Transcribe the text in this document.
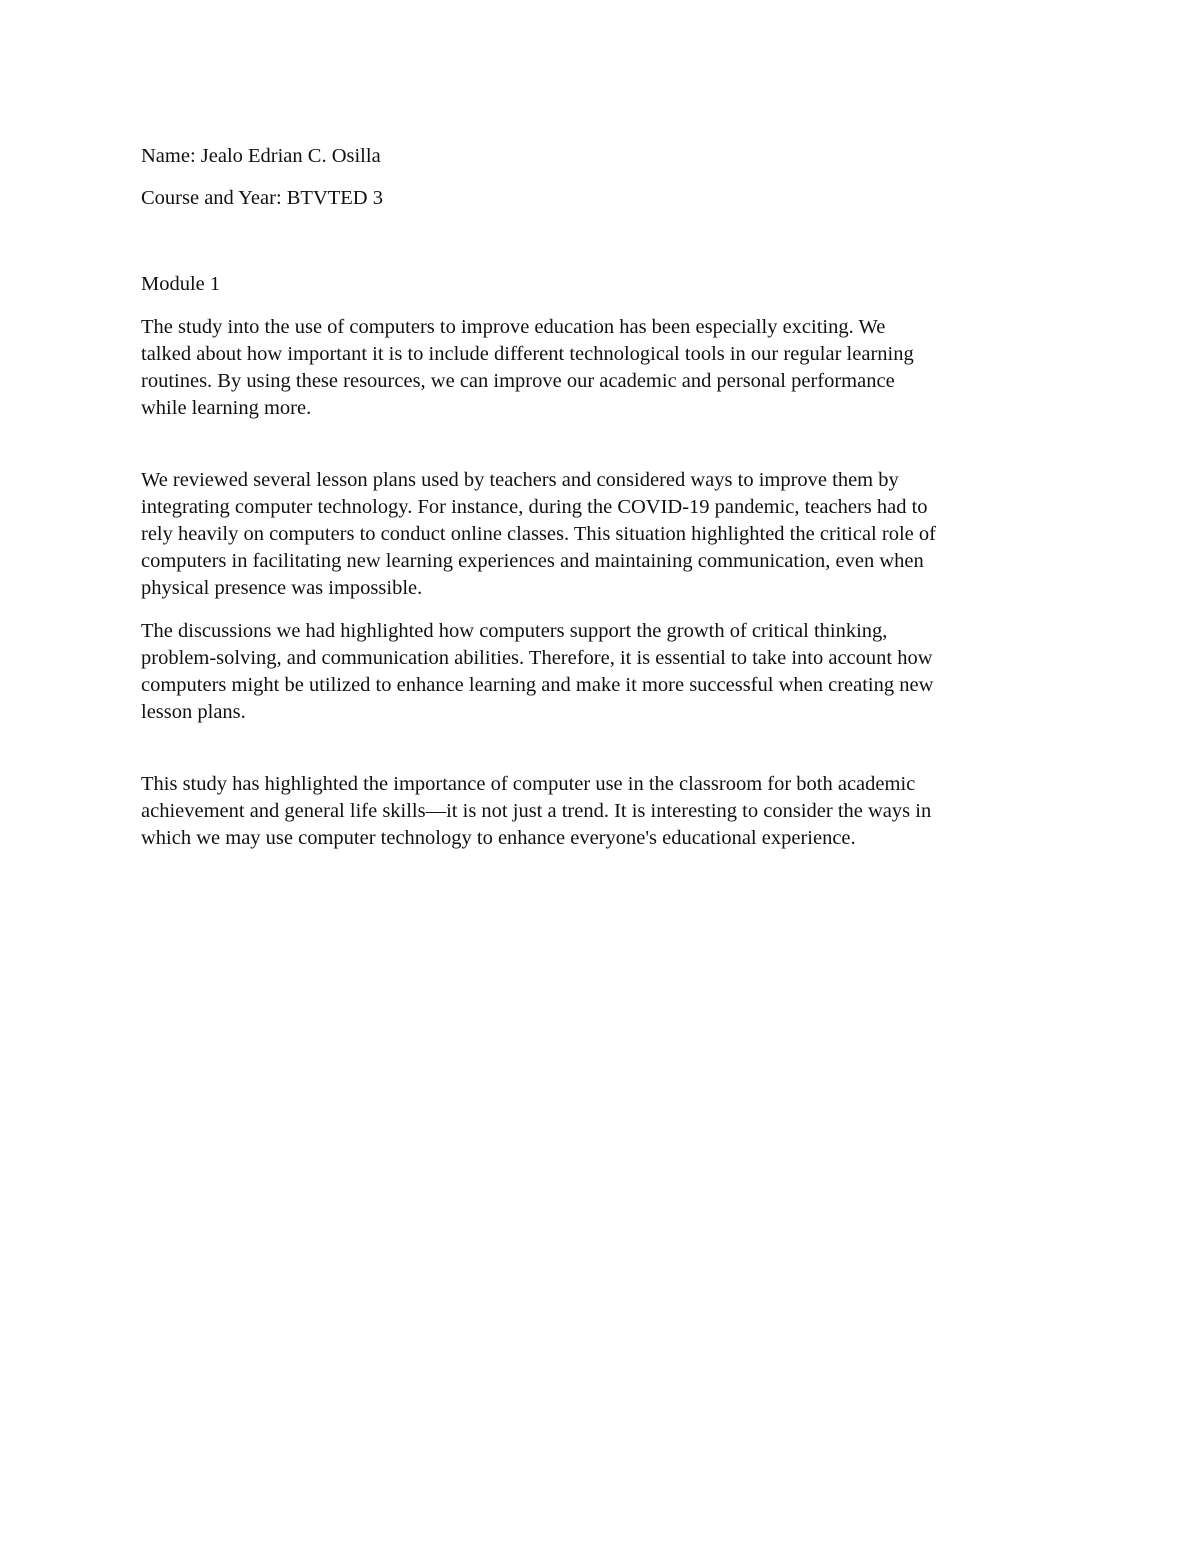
Name: Jealo Edrian C. Osilla

Course and Year: BTVTED 3

Module 1

The study into the use of computers to improve education has been especially exciting. We
talked about how important it is to include different technological tools in our regular learning
routines. By using these resources, we can improve our academic and personal performance
while learning more.
We reviewed several lesson plans used by teachers and considered ways to improve them by
integrating computer technology. For instance, during the COVID-19 pandemic, teachers had to
rely heavily on computers to conduct online classes. This situation highlighted the critical role of
computers in facilitating new learning experiences and maintaining communication, even when
physical presence was impossible.
The discussions we had highlighted how computers support the growth of critical thinking,
problem-solving, and communication abilities. Therefore, it is essential to take into account how
computers might be utilized to enhance learning and make it more successful when creating new
lesson plans.
This study has highlighted the importance of computer use in the classroom for both academic
achievement and general life skills—it is not just a trend. It is interesting to consider the ways in
which we may use computer technology to enhance everyone's educational experience.
